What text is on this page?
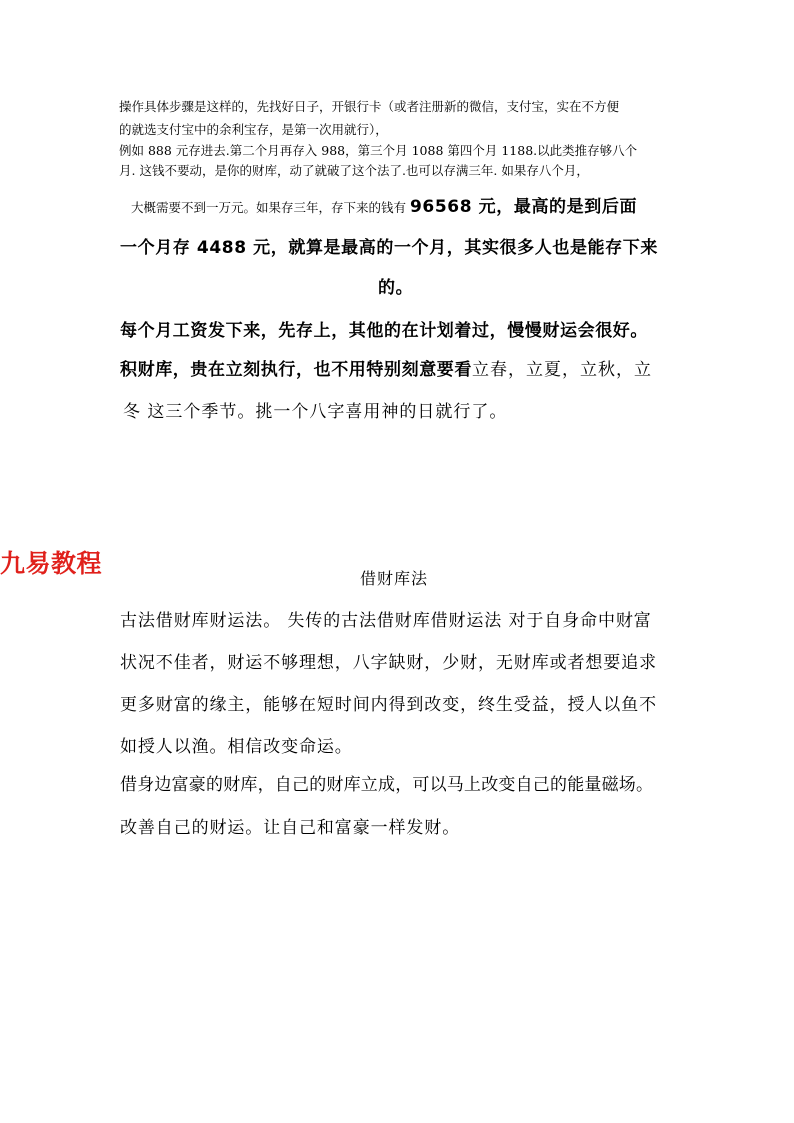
操作具体步骤是这样的，先找好日子，开银行卡（或者注册新的微信，支付宝，实在不方便

的就选支付宝中的余利宝存，是第一次用就行），

例如 888 元存进去.第二个月再存入 988，第三个月 1088 第四个月 1188.以此类推存够八个

月. 这钱不要动，是你的财库，动了就破了这个法了.也可以存满三年. 如果存八个月，

大概需要不到一万元。如果存三年，存下来的钱有 96568 元，最高的是到后面

一个月存 4488 元，就算是最高的一个月，其实很多人也是能存下来

的。

每个月工资发下来，先存上，其他的在计划着过，慢慢财运会很好。

积财库，贵在立刻执行，也不用特别刻意要看立春，立夏，立秋，立

冬 这三个季节。挑一个八字喜用神的日就行了。

九易教程
借财库法

古法借财库财运法。 失传的古法借财库借财运法 对于自身命中财富

状况不佳者，财运不够理想，八字缺财，少财，无财库或者想要追求

更多财富的缘主，能够在短时间内得到改变，终生受益，授人以鱼不

如授人以渔。相信改变命运。

借身边富豪的财库，自己的财库立成，可以马上改变自己的能量磁场。

改善自己的财运。让自己和富豪一样发财。
